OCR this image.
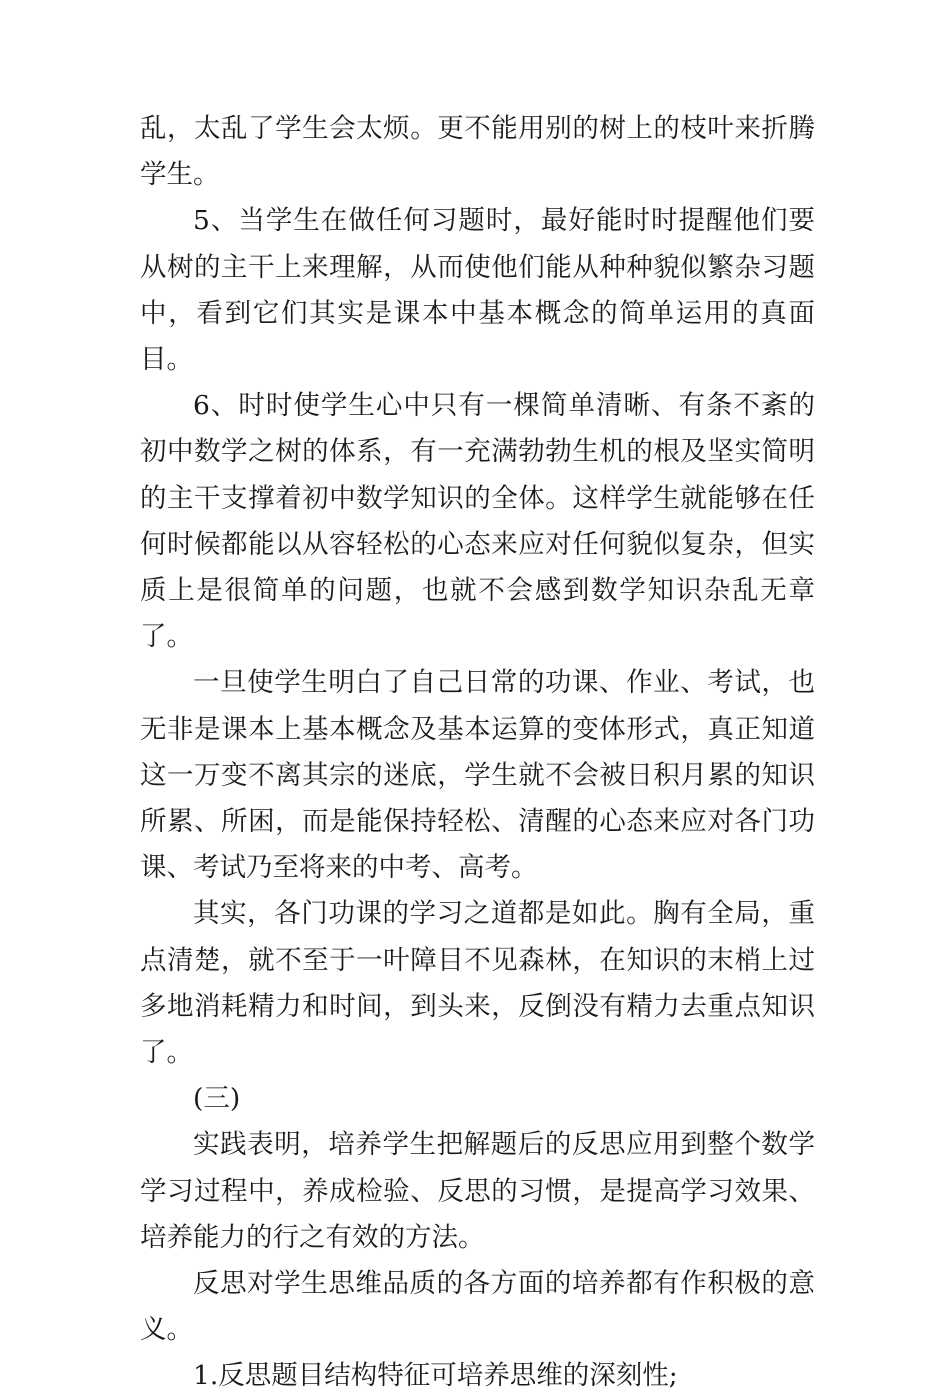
乱，太乱了学生会太烦。更不能用别的树上的枝叶来折腾学生。

5、当学生在做任何习题时，最好能时时提醒他们要从树的主干上来理解，从而使他们能从种种貌似繁杂习题中，看到它们其实是课本中基本概念的简单运用的真面目。

6、时时使学生心中只有一棵简单清晰、有条不紊的初中数学之树的体系，有一充满勃勃生机的根及坚实简明的主干支撑着初中数学知识的全体。这样学生就能够在任何时候都能以从容轻松的心态来应对任何貌似复杂，但实质上是很简单的问题，也就不会感到数学知识杂乱无章了。

一旦使学生明白了自己日常的功课、作业、考试，也无非是课本上基本概念及基本运算的变体形式，真正知道这一万变不离其宗的迷底，学生就不会被日积月累的知识所累、所困，而是能保持轻松、清醒的心态来应对各门功课、考试乃至将来的中考、高考。

其实，各门功课的学习之道都是如此。胸有全局，重点清楚，就不至于一叶障目不见森林，在知识的末梢上过多地消耗精力和时间，到头来，反倒没有精力去重点知识了。

(三)

实践表明，培养学生把解题后的反思应用到整个数学学习过程中，养成检验、反思的习惯，是提高学习效果、培养能力的行之有效的方法。

反思对学生思维品质的各方面的培养都有作积极的意义。

1.反思题目结构特征可培养思维的深刻性;
